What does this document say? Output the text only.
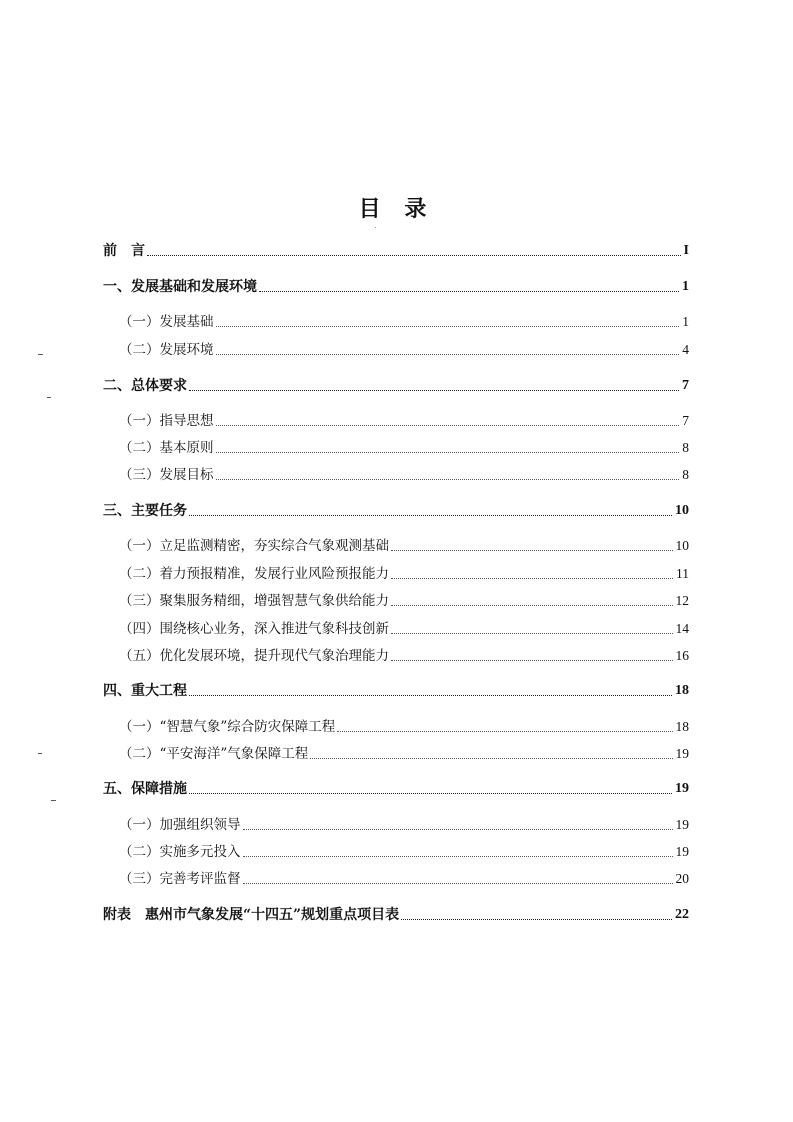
目 录
前　言	I
一、发展基础和发展环境	1
（一）发展基础	1
（二）发展环境	4
二、总体要求	7
（一）指导思想	7
（二）基本原则	8
（三）发展目标	8
三、主要任务	10
（一）立足监测精密，夯实综合气象观测基础	10
（二）着力预报精准，发展行业风险预报能力	11
（三）聚集服务精细，增强智慧气象供给能力	12
（四）围绕核心业务，深入推进气象科技创新	14
（五）优化发展环境，提升现代气象治理能力	16
四、重大工程	18
（一）“智慧气象”综合防灾保障工程	18
（二）“平安海洋”气象保障工程	19
五、保障措施	19
（一）加强组织领导	19
（二）实施多元投入	19
（三）完善考评监督	20
附表　惠州市气象发展“十四五”规划重点项目表	22
